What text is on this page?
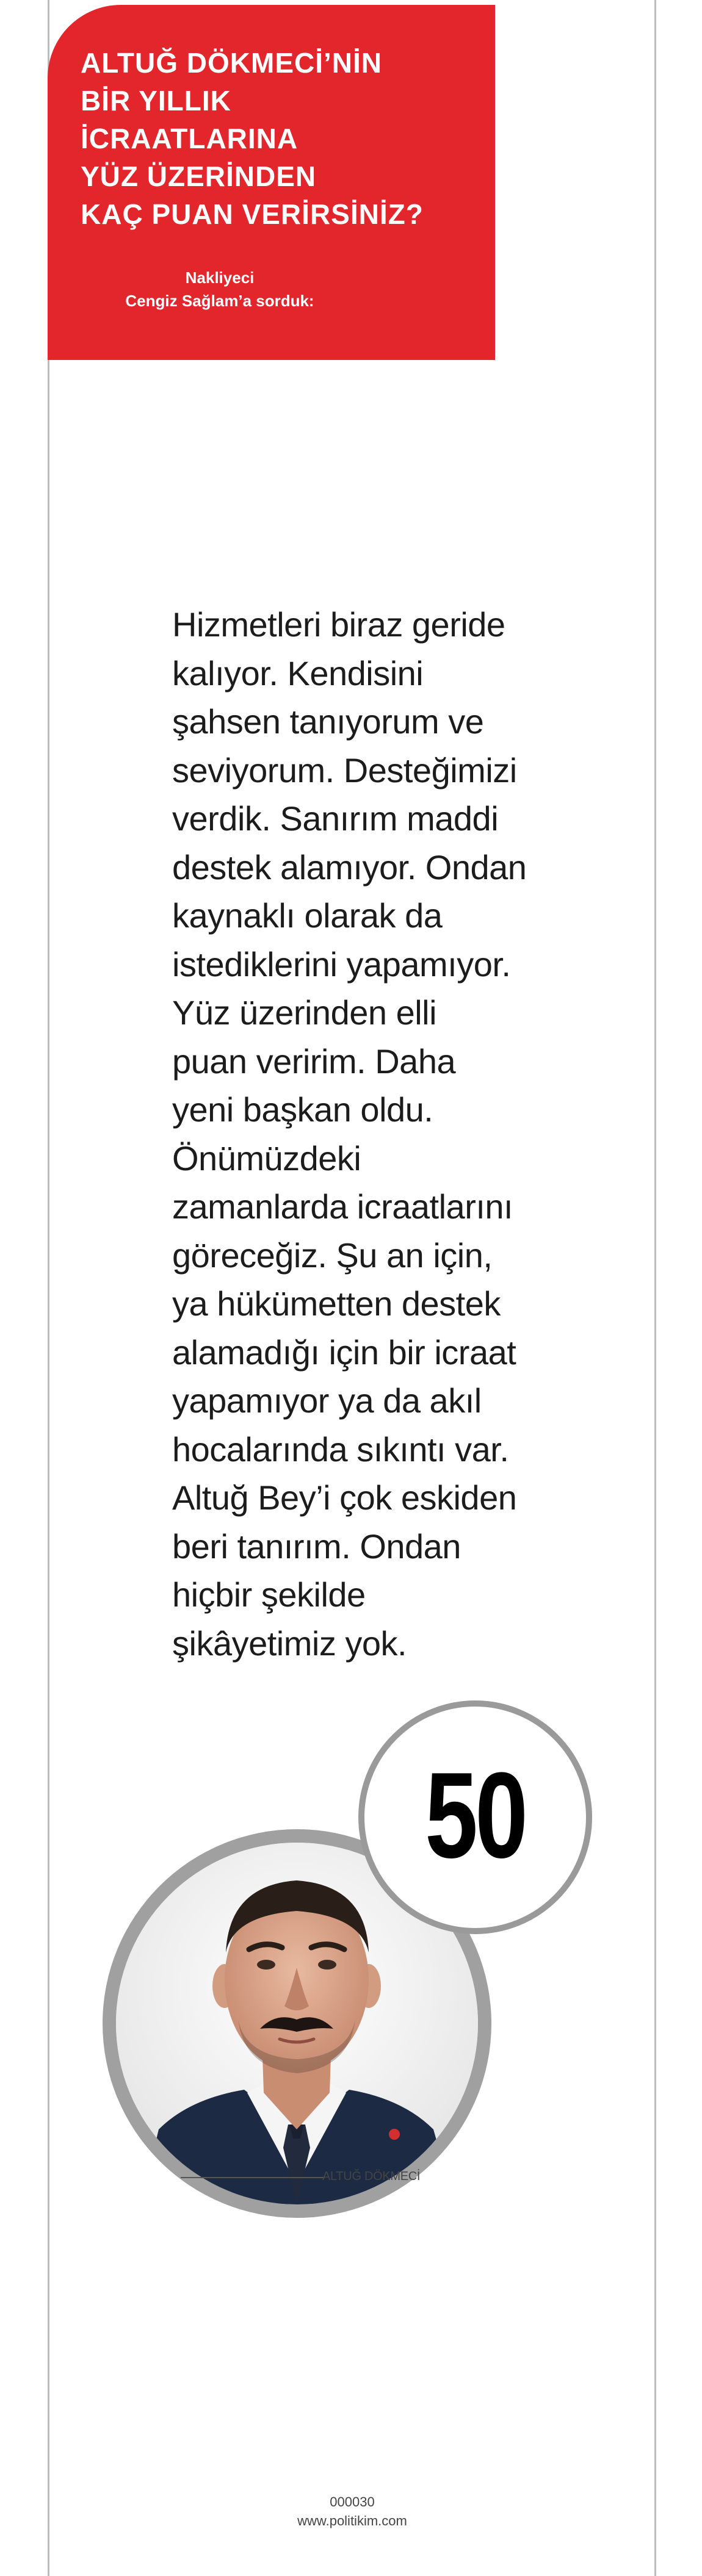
ALTUĞ DÖKMECİ’NİN
BİR YILLIK İCRAATLARINA
YÜZ ÜZERİNDEN
KAÇ PUAN VERİRSİNİZ?
Nakliyeci
Cengiz Sağlam’a sorduk:

Hizmetleri biraz geride
kalıyor. Kendisini
şahsen tanıyorum ve
seviyorum. Desteğimizi
verdik. Sanırım maddi
destek alamıyor. Ondan
kaynaklı olarak da
istediklerini yapamıyor.
Yüz üzerinden elli
puan veririm. Daha
yeni başkan oldu.
Önümüzdeki
zamanlarda icraatlarını
göreceğiz. Şu an için,
ya hükümetten destek
alamadığı için bir icraat
yapamıyor ya da akıl
hocalarında sıkıntı var.
Altuğ Bey’i çok eskiden
beri tanırım. Ondan
hiçbir şekilde
şikâyetimiz yok.

50
ALTUĞ DÖKMECİ
000030
www.politikim.com
